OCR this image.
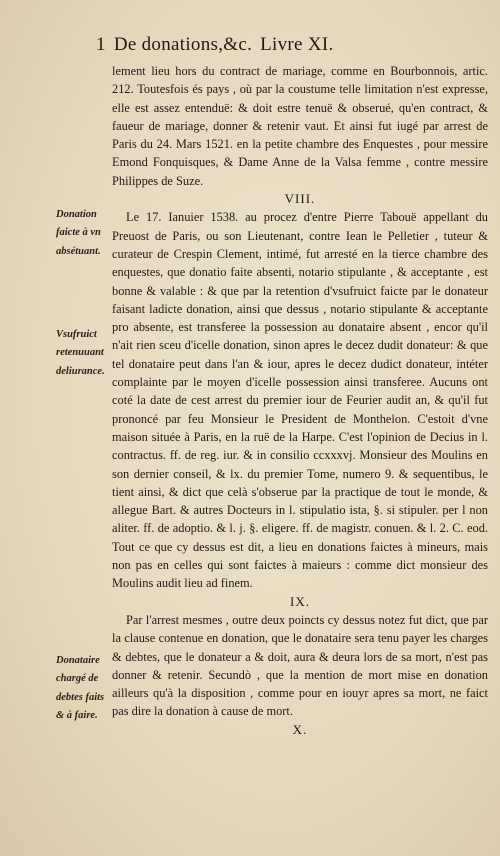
1 De donations,&c. Livre XI.
Donation faicte à vn absétuant.
Vsufruict retenuuant deliurance.
Donataire chargé de debtes faits & à faire.

lement lieu hors du contract de mariage, comme en Bourbonnois, artic. 212. Toutesfois és pays , où par la coustume telle limitation n'est expresse, elle est assez entenduë: & doit estre tenuë & obserué, qu'en contract, & faueur de mariage, donner & retenir vaut. Et ainsi fut iugé par arrest de Paris du 24. Mars 1521. en la petite chambre des Enquestes , pour messire Emond Fonquisques, & Dame Anne de la Valsa femme , contre messire Philippes de Suze.

VIII.

Le 17. Ianuier 1538. au procez d'entre Pierre Tabouë appellant du Preuost de Paris, ou son Lieutenant, contre Iean le Pelletier , tuteur & curateur de Crespin Clement, intimé, fut arresté en la tierce chambre des enquestes, que donatio faite absenti, notario stipulante , & acceptante , est bonne & valable : & que par la retention d'vsufruict faicte par le donateur faisant ladicte donation, ainsi que dessus , notario stipulante & acceptante pro absente, est transferee la possession au donataire absent , encor qu'il n'ait rien sceu d'icelle donation, sinon apres le decez dudit donateur: & que tel donataire peut dans l'an & iour, apres le decez dudict donateur, intéter complainte par le moyen d'icelle possession ainsi transferee. Aucuns ont coté la date de cest arrest du premier iour de Feurier audit an, & qu'il fut prononcé par feu Monsieur le President de Monthelon. C'estoit d'vne maison située à Paris, en la ruë de la Harpe. C'est l'opinion de Decius in l. contractus. ff. de reg. iur. & in consilio ccxxxvj. Monsieur des Moulins en son dernier conseil, & lx. du premier Tome, numero 9. & sequentibus, le tient ainsi, & dict que celà s'obserue par la practique de tout le monde, & allegue Bart. & autres Docteurs in l. stipulatio ista, §. si stipuler. per l non aliter. ff. de adoptio. & l. j. §. eligere. ff. de magistr. conuen. & l. 2. C. eod. Tout ce que cy dessus est dit, a lieu en donations faictes à mineurs, mais non pas en celles qui sont faictes à maieurs : comme dict monsieur des Moulins audit lieu ad finem.

IX.

Par l'arrest mesmes , outre deux poincts cy dessus notez fut dict, que par la clause contenue en donation, que le donataire sera tenu payer les charges & debtes, que le donateur a & doit, aura & deura lors de sa mort, n'est pas donner & retenir. Secundò , que la mention de mort mise en donation ailleurs qu'à la disposition , comme pour en iouyr apres sa mort, ne faict pas dire la donation à cause de mort.

X.
